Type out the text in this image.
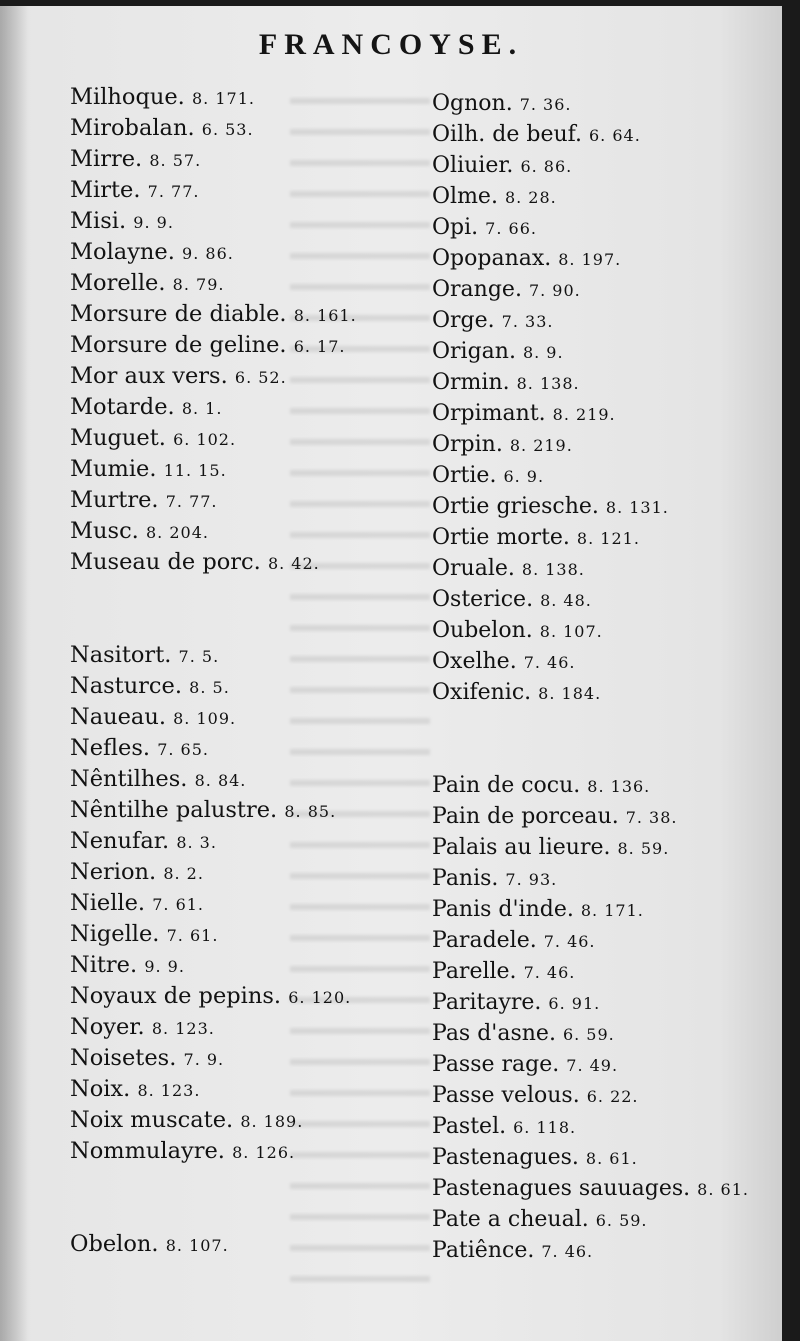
FRANCOYSE.
Milhoque. 8. 171.
Mirobalan. 6. 53.
Mirre. 8. 57.
Mirte. 7. 77.
Misi. 9. 9.
Molayne. 9. 86.
Morelle. 8. 79.
Morsure de diable. 8. 161.
Morsure de geline. 6. 17.
Mor aux vers. 6. 52.
Motarde. 8. 1.
Muguet. 6. 102.
Mumie. 11. 15.
Murtre. 7. 77.
Musc. 8. 204.
Museau de porc. 8. 42.
Nasitort. 7. 5.
Nasturce. 8. 5.
Naueau. 8. 109.
Nefles. 7. 65.
Nêntilhes. 8. 84.
Nêntilhe palustre. 8. 85.
Nenufar. 8. 3.
Nerion. 8. 2.
Nielle. 7. 61.
Nigelle. 7. 61.
Nitre. 9. 9.
Noyaux de pepins. 6. 120.
Noyer. 8. 123.
Noisetes. 7. 9.
Noix. 8. 123.
Noix muscate. 8. 189.
Nommulayre. 8. 126.
Obelon. 8. 107.
Ognon. 7. 36.
Oilh. de beuf. 6. 64.
Oliuier. 6. 86.
Olme. 8. 28.
Opi. 7. 66.
Opopanax. 8. 197.
Orange. 7. 90.
Orge. 7. 33.
Origan. 8. 9.
Ormin. 8. 138.
Orpimant. 8. 219.
Orpin. 8. 219.
Ortie. 6. 9.
Ortie griesche. 8. 131.
Ortie morte. 8. 121.
Oruale. 8. 138.
Osterice. 8. 48.
Oubelon. 8. 107.
Oxelhe. 7. 46.
Oxifenic. 8. 184.
Pain de cocu. 8. 136.
Pain de porceau. 7. 38.
Palais au lieure. 8. 59.
Panis. 7. 93.
Panis d'inde. 8. 171.
Paradele. 7. 46.
Parelle. 7. 46.
Paritayre. 6. 91.
Pas d'asne. 6. 59.
Passe rage. 7. 49.
Passe velous. 6. 22.
Pastel. 6. 118.
Pastenagues. 8. 61.
Pastenagues sauuages. 8. 61.
Pate a cheual. 6. 59.
Patiênce. 7. 46.
